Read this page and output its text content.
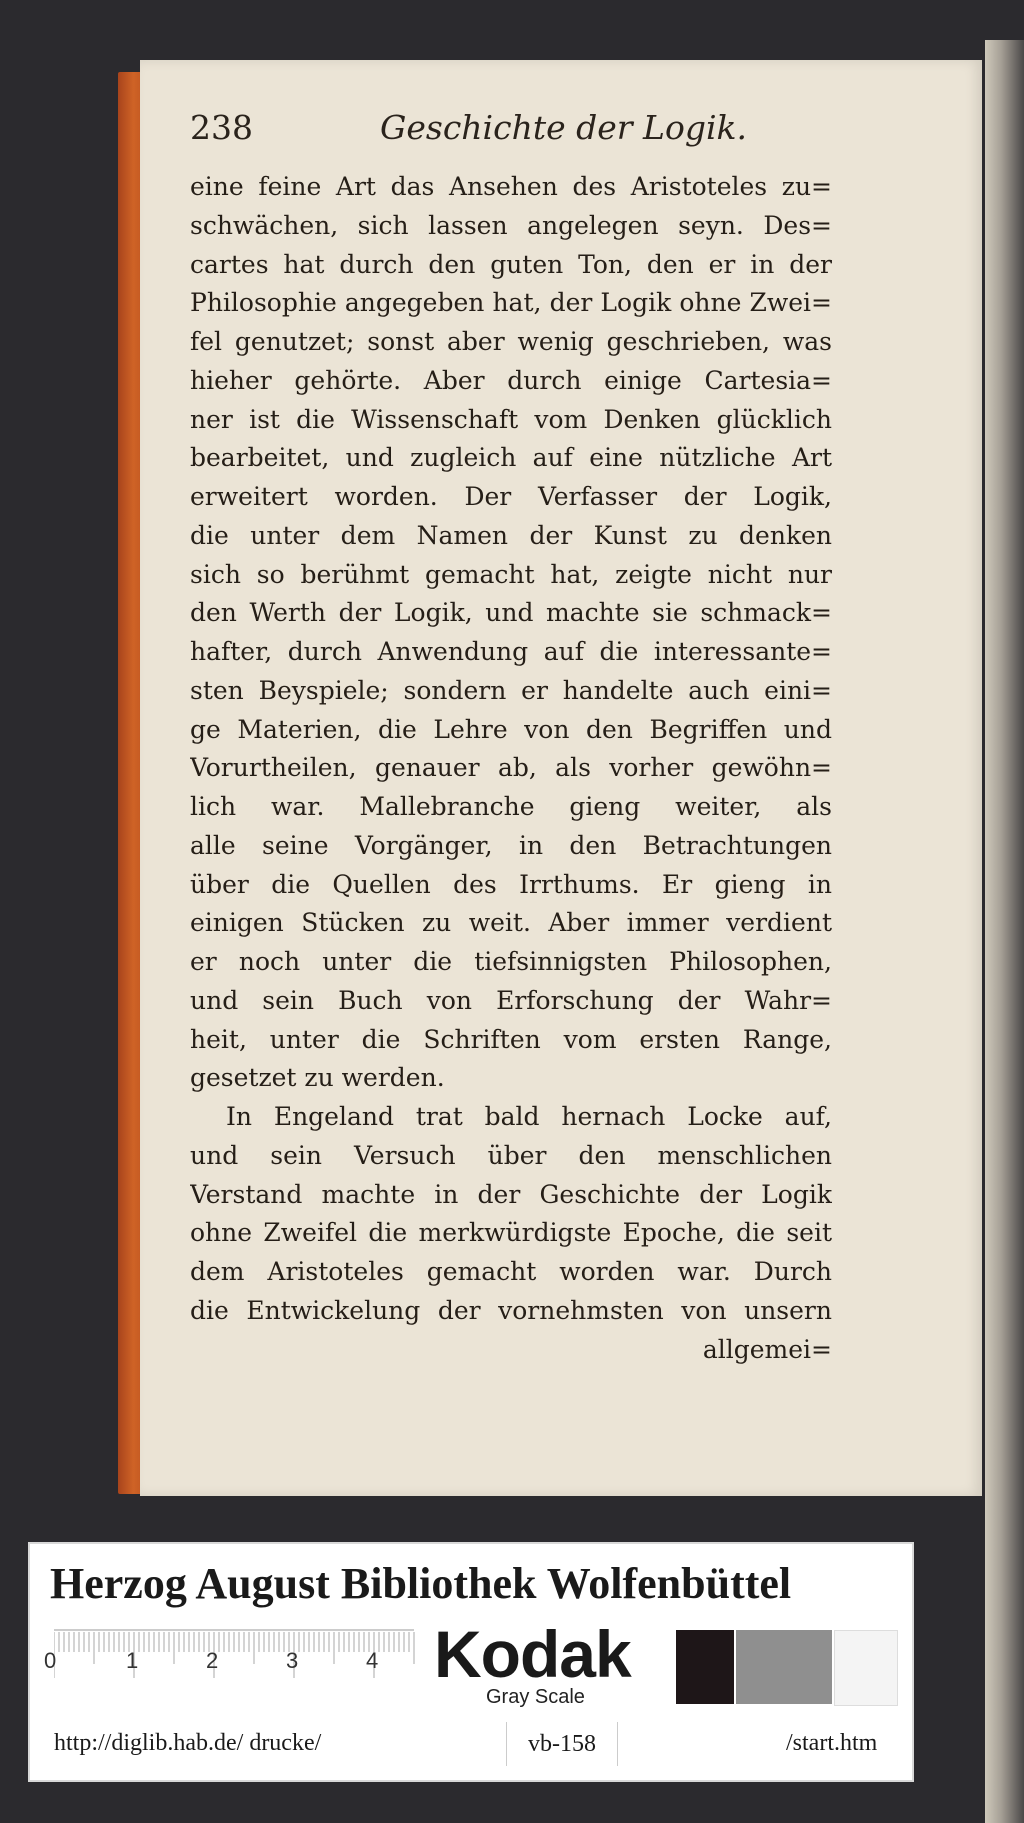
238	Geschichte der Logik.
eine feine Art das Ansehen des Aristoteles zu=
schwächen, sich lassen angelegen seyn. Des=
cartes hat durch den guten Ton, den er in der
Philosophie angegeben hat, der Logik ohne Zwei=
fel genutzet; sonst aber wenig geschrieben, was
hieher gehörte. Aber durch einige Cartesia=
ner ist die Wissenschaft vom Denken glücklich
bearbeitet, und zugleich auf eine nützliche Art
erweitert worden. Der Verfasser der Logik,
die unter dem Namen der Kunst zu denken
sich so berühmt gemacht hat, zeigte nicht nur
den Werth der Logik, und machte sie schmack=
hafter, durch Anwendung auf die interessante=
sten Beyspiele; sondern er handelte auch eini=
ge Materien, die Lehre von den Begriffen und
Vorurtheilen, genauer ab, als vorher gewöhn=
lich war. Mallebranche gieng weiter, als
alle seine Vorgänger, in den Betrachtungen
über die Quellen des Irrthums. Er gieng in
einigen Stücken zu weit. Aber immer verdient
er noch unter die tiefsinnigsten Philosophen,
und sein Buch von Erforschung der Wahr=
heit, unter die Schriften vom ersten Range,
gesetzet zu werden.
In Engeland trat bald hernach Locke auf,
und sein Versuch über den menschlichen
Verstand machte in der Geschichte der Logik
ohne Zweifel die merkwürdigste Epoche, die seit
dem Aristoteles gemacht worden war. Durch
die Entwickelung der vornehmsten von unsern
allgemei=
Herzog August Bibliothek Wolfenbüttel
0	1	2	3	4 Kodak
Gray Scale
http://diglib.hab.de/ drucke/	vb-158	/start.htm
